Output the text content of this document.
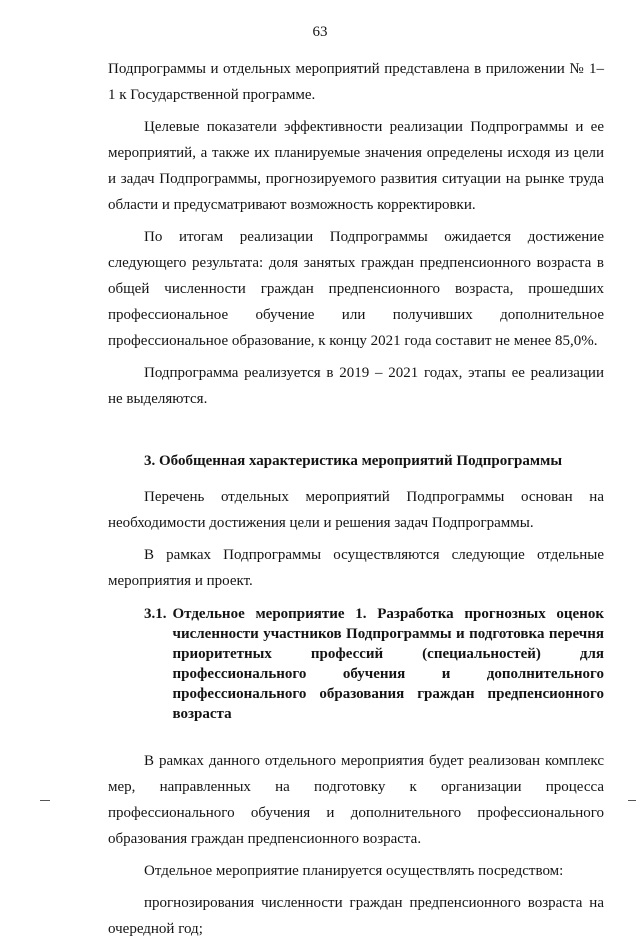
63

Подпрограммы и отдельных мероприятий представлена в приложении № 1–1 к Государственной программе.

Целевые показатели эффективности реализации Подпрограммы и ее мероприятий, а также их планируемые значения определены исходя из цели и задач Подпрограммы, прогнозируемого развития ситуации на рынке труда области и предусматривают возможность корректировки.

По итогам реализации Подпрограммы ожидается достижение следующего результата: доля занятых граждан предпенсионного возраста в общей численности граждан предпенсионного возраста, прошедших профессиональное обучение или получивших дополнительное профессиональное образование, к концу 2021 года составит не менее 85,0%.

Подпрограмма реализуется в 2019 – 2021 годах, этапы ее реализации не выделяются.

3. Обобщенная характеристика мероприятий Подпрограммы

Перечень отдельных мероприятий Подпрограммы основан на необходимости достижения цели и решения задач Подпрограммы.

В рамках Подпрограммы осуществляются следующие отдельные мероприятия и проект.

3.1. Отдельное мероприятие 1. Разработка прогнозных оценок численности участников Подпрограммы и подготовка перечня приоритетных профессий (специальностей) для профессионального обучения и дополнительного профессионального образования граждан предпенсионного возраста

В рамках данного отдельного мероприятия будет реализован комплекс мер, направленных на подготовку к организации процесса профессионального обучения и дополнительного профессионального образования граждан предпенсионного возраста.

Отдельное мероприятие планируется осуществлять посредством:

прогнозирования численности граждан предпенсионного возраста на очередной год;
